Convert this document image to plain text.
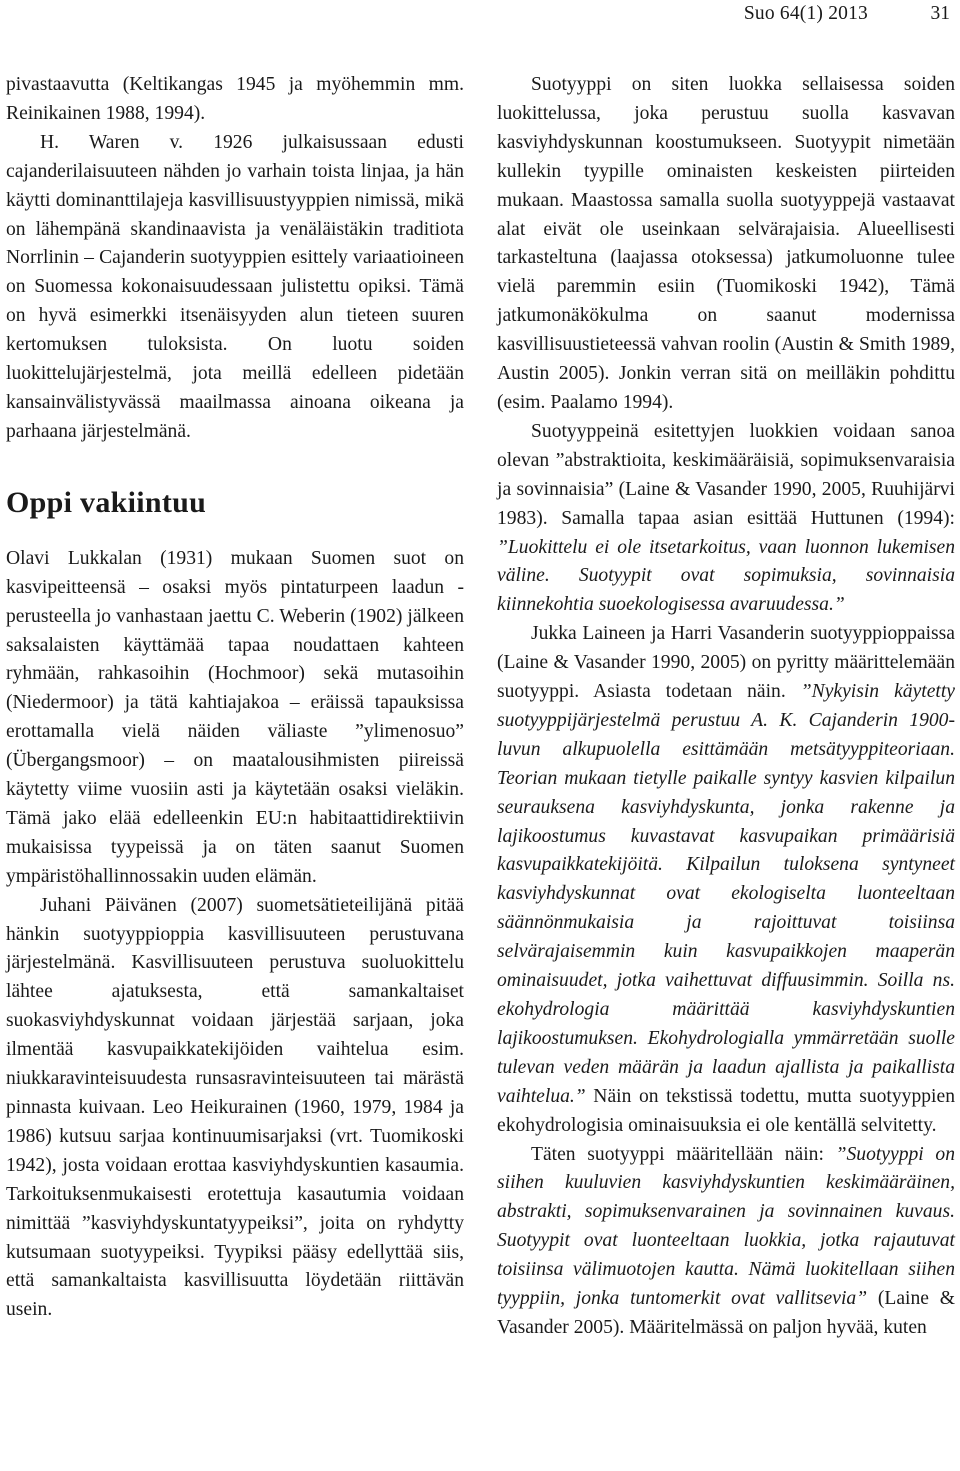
Suo 64(1) 2013	31

pivastaavutta (Keltikangas 1945 ja myöhemmin mm. Reinikainen 1988, 1994).

H. Waren v. 1926 julkaisussaan edusti cajanderilaisuuteen nähden jo varhain toista linjaa, ja hän käytti dominanttilajeja kasvillisuustyyppien nimissä, mikä on lähempänä skandinaavista ja venäläistäkin traditiota Norrlinin – Cajanderin suotyyppien esittely variaatioineen on Suomessa kokonaisuudessaan julistettu opiksi. Tämä on hyvä esimerkki itsenäisyyden alun tieteen suuren kertomuksen tuloksista. On luotu soiden luokittelujärjestelmä, jota meillä edelleen pidetään kansainvälistyvässä maailmassa ainoana oikeana ja parhaana järjestelmänä.

Oppi vakiintuu

Olavi Lukkalan (1931) mukaan Suomen suot on kasvipeitteensä – osaksi myös pintaturpeen laadun - perusteella jo vanhastaan jaettu C. Weberin (1902) jälkeen saksalaisten käyttämää tapaa noudattaen kahteen ryhmään, rahkasoihin (Hochmoor) sekä mutasoihin (Niedermoor) ja tätä kahtiajakoa – eräissä tapauksissa erottamalla vielä näiden väliaste ”ylimenosuo” (Übergangsmoor) – on maatalousihmisten piireissä käytetty viime vuosiin asti ja käytetään osaksi vieläkin. Tämä jako elää edelleenkin EU:n habitaattidirektiivin mukaisissa tyypeissä ja on täten saanut Suomen ympäristöhallinnossakin uuden elämän.

Juhani Päivänen (2007) suometsätieteilijänä pitää hänkin suotyyppioppia kasvillisuuteen perustuvana järjestelmänä. Kasvillisuuteen perustuva suoluokittelu lähtee ajatuksesta, että samankaltaiset suokasviyhdyskunnat voidaan järjestää sarjaan, joka ilmentää kasvupaikkatekijöiden vaihtelua esim. niukkaravinteisuudesta runsasravinteisuuteen tai märästä pinnasta kuivaan. Leo Heikurainen (1960, 1979, 1984 ja 1986) kutsuu sarjaa kontinuumisarjaksi (vrt. Tuomikoski 1942), josta voidaan erottaa kasviyhdyskuntien kasaumia. Tarkoituksenmukaisesti erotettuja kasautumia voidaan nimittää ”kasviyhdyskuntatyypeiksi”, joita on ryhdytty kutsumaan suotyypeiksi. Tyypiksi pääsy edellyttää siis, että samankaltaista kasvillisuutta löydetään riittävän usein.

Suotyyppi on siten luokka sellaisessa soiden luokittelussa, joka perustuu suolla kasvavan kasviyhdyskunnan koostumukseen. Suotyypit nimetään kullekin tyypille ominaisten keskeisten piirteiden mukaan. Maastossa samalla suolla suotyyppejä vastaavat alat eivät ole useinkaan selvärajaisia. Alueellisesti tarkasteltuna (laajassa otoksessa) jatkumoluonne tulee vielä paremmin esiin (Tuomikoski 1942), Tämä jatkumonäkökulma on saanut modernissa kasvillisuustieteessä vahvan roolin (Austin & Smith 1989, Austin 2005). Jonkin verran sitä on meilläkin pohdittu (esim. Paalamo 1994).

Suotyyppeinä esitettyjen luokkien voidaan sanoa olevan ”abstraktioita, keskimääräisiä, sopimuksenvaraisia ja sovinnaisia” (Laine & Vasander 1990, 2005, Ruuhijärvi 1983). Samalla tapaa asian esittää Huttunen (1994): ”Luokittelu ei ole itsetarkoitus, vaan luonnon lukemisen väline. Suotyypit ovat sopimuksia, sovinnaisia kiinnekohtia suoekologisessa avaruudessa.”

Jukka Laineen ja Harri Vasanderin suotyyppioppaissa (Laine & Vasander 1990, 2005) on pyritty määrittelemään suotyyppi. Asiasta todetaan näin. ”Nykyisin käytetty suotyyppijärjestelmä perustuu A. K. Cajanderin 1900-luvun alkupuolella esittämään metsätyyppiteoriaan. Teorian mukaan tietylle paikalle syntyy kasvien kilpailun seurauksena kasviyhdyskunta, jonka rakenne ja lajikoostumus kuvastavat kasvupaikan primäärisiä kasvupaikkatekijöitä. Kilpailun tuloksena syntyneet kasviyhdyskunnat ovat ekologiselta luonteeltaan säännönmukaisia ja rajoittuvat toisiinsa selvärajaisemmin kuin kasvupaikkojen maaperän ominaisuudet, jotka vaihettuvat diffuusimmin. Soilla ns. ekohydrologia määrittää kasviyhdyskuntien lajikoostumuksen. Ekohydrologialla ymmärretään suolle tulevan veden määrän ja laadun ajallista ja paikallista vaihtelua.” Näin on tekstissä todettu, mutta suotyyppien ekohydrologisia ominaisuuksia ei ole kentällä selvitetty.

Täten suotyyppi määritellään näin: ”Suotyyppi on siihen kuuluvien kasviyhdyskuntien keskimääräinen, abstrakti, sopimuksenvarainen ja sovinnainen kuvaus. Suotyypit ovat luonteeltaan luokkia, jotka rajautuvat toisiinsa välimuotojen kautta. Nämä luokitellaan siihen tyyppiin, jonka tuntomerkit ovat vallitsevia” (Laine & Vasander 2005). Määritelmässä on paljon hyvää, kuten
